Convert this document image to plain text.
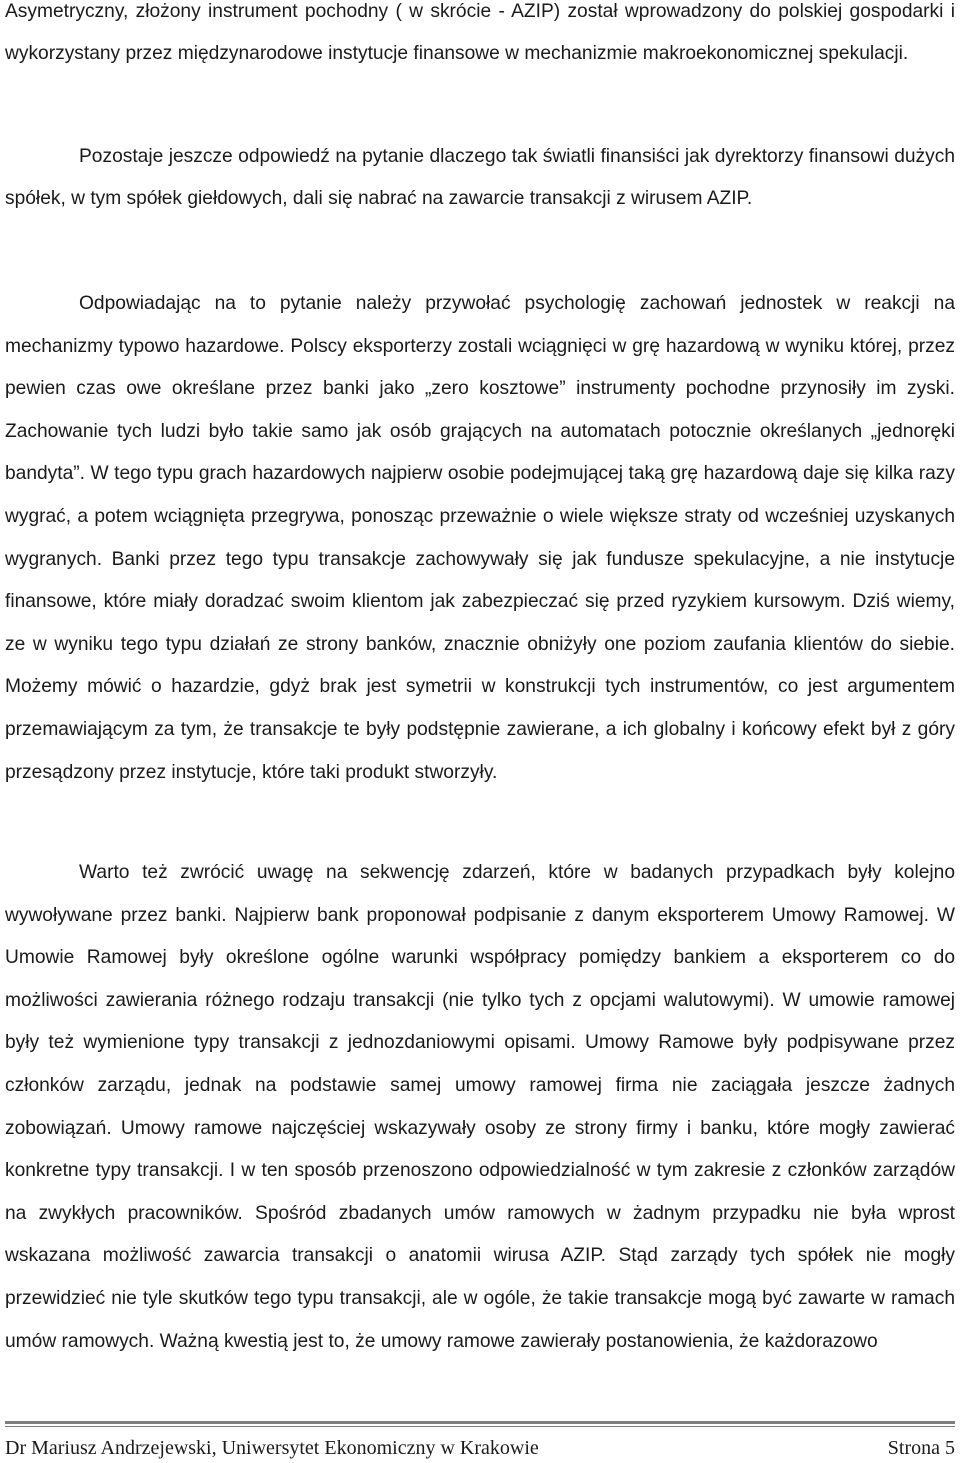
Asymetryczny, złożony instrument pochodny ( w skrócie - AZIP) został wprowadzony do polskiej gospodarki i wykorzystany przez międzynarodowe instytucje finansowe w mechanizmie makroekonomicznej spekulacji.

Pozostaje jeszcze odpowiedź na pytanie dlaczego tak światli finansiści jak dyrektorzy finansowi dużych spółek, w tym spółek giełdowych, dali się nabrać na zawarcie transakcji z wirusem AZIP.

Odpowiadając na to pytanie należy przywołać psychologię zachowań jednostek w reakcji na mechanizmy typowo hazardowe. Polscy eksporterzy zostali wciągnięci w grę hazardową w wyniku której, przez pewien czas owe określane przez banki jako „zero kosztowe” instrumenty pochodne przynosiły im zyski. Zachowanie tych ludzi było takie samo jak osób grających na automatach potocznie określanych „jednoręki bandyta”. W tego typu grach hazardowych najpierw osobie podejmującej taką grę hazardową daje się kilka razy wygrać, a potem wciągnięta przegrywa, ponosząc przeważnie o wiele większe straty od wcześniej uzyskanych wygranych. Banki przez tego typu transakcje zachowywały się jak fundusze spekulacyjne, a nie instytucje finansowe, które miały doradzać swoim klientom jak zabezpieczać się przed ryzykiem kursowym. Dziś wiemy, ze w wyniku tego typu działań ze strony banków, znacznie obniżyły one poziom zaufania klientów do siebie. Możemy mówić o hazardzie, gdyż brak jest symetrii w konstrukcji tych instrumentów, co jest argumentem przemawiającym za tym, że transakcje te były podstępnie zawierane, a ich globalny i końcowy efekt był z góry przesądzony przez instytucje, które taki produkt stworzyły.

Warto też zwrócić uwagę na sekwencję zdarzeń, które w badanych przypadkach były kolejno wywoływane przez banki. Najpierw bank proponował podpisanie z danym eksporterem Umowy Ramowej. W Umowie Ramowej były określone ogólne warunki współpracy pomiędzy bankiem a eksporterem co do możliwości zawierania różnego rodzaju transakcji (nie tylko tych z opcjami walutowymi). W umowie ramowej były też wymienione typy transakcji z jednozdaniowymi opisami. Umowy Ramowe były podpisywane przez członków zarządu, jednak na podstawie samej umowy ramowej firma nie zaciągała jeszcze żadnych zobowiązań. Umowy ramowe najczęściej wskazywały osoby ze strony firmy i banku, które mogły zawierać konkretne typy transakcji. I w ten sposób przenoszono odpowiedzialność w tym zakresie z członków zarządów na zwykłych pracowników. Spośród zbadanych umów ramowych w żadnym przypadku nie była wprost wskazana możliwość zawarcia transakcji o anatomii wirusa AZIP. Stąd zarządy tych spółek nie mogły przewidzieć nie tyle skutków tego typu transakcji, ale w ogóle, że takie transakcje mogą być zawarte w ramach umów ramowych. Ważną kwestią jest to, że umowy ramowe zawierały postanowienia, że każdorazowo

Dr Mariusz Andrzejewski, Uniwersytet Ekonomiczny w Krakowie	Strona 5
